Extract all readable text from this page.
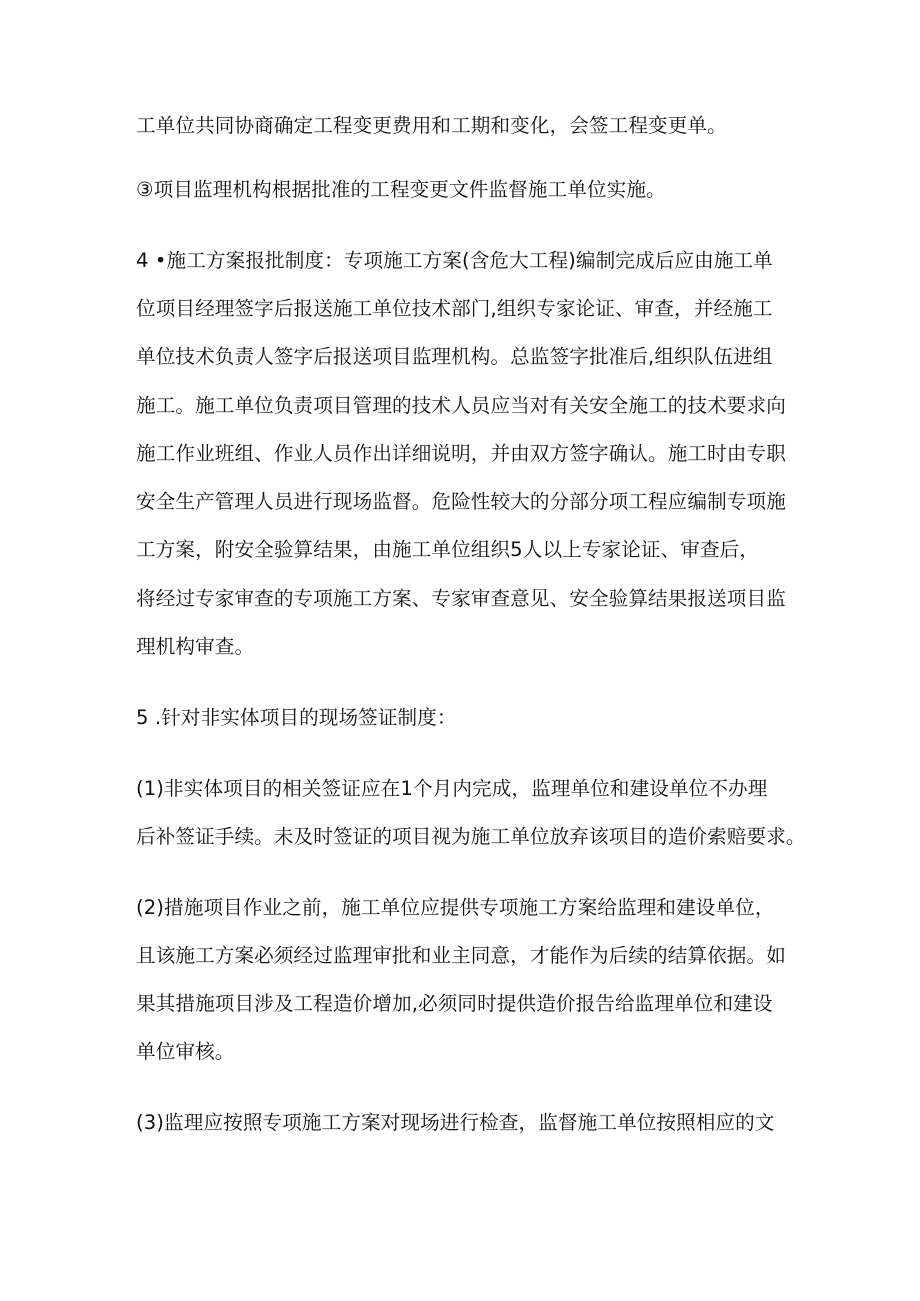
工单位共同协商确定工程变更费用和工期和变化，会签工程变更单。
③项目监理机构根据批准的工程变更文件监督施工单位实施。
4 •施工方案报批制度：专项施工方案(含危大工程)编制完成后应由施工单
位项目经理签字后报送施工单位技术部门,组织专家论证、审查，并经施工
单位技术负责人签字后报送项目监理机构。总监签字批准后,组织队伍进组
施工。施工单位负责项目管理的技术人员应当对有关安全施工的技术要求向
施工作业班组、作业人员作出详细说明，并由双方签字确认。施工时由专职
安全生产管理人员进行现场监督。危险性较大的分部分项工程应编制专项施
工方案，附安全验算结果，由施工单位组织5人以上专家论证、审查后，
将经过专家审查的专项施工方案、专家审查意见、安全验算结果报送项目监
理机构审查。
5 .针对非实体项目的现场签证制度：
(1)非实体项目的相关签证应在1个月内完成，监理单位和建设单位不办理
后补签证手续。未及时签证的项目视为施工单位放弃该项目的造价索赔要求。
(2)措施项目作业之前，施工单位应提供专项施工方案给监理和建设单位，
且该施工方案必须经过监理审批和业主同意，才能作为后续的结算依据。如
果其措施项目涉及工程造价增加,必须同时提供造价报告给监理单位和建设
单位审核。
(3)监理应按照专项施工方案对现场进行检查，监督施工单位按照相应的文
